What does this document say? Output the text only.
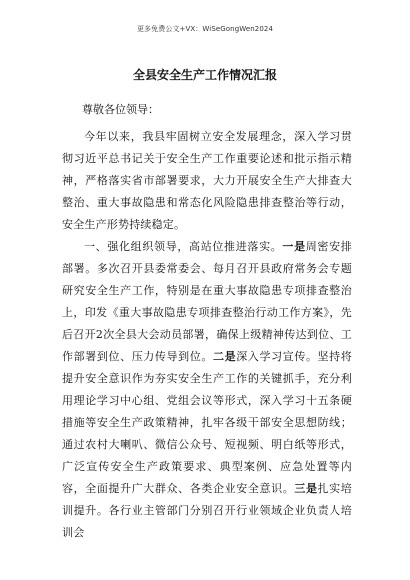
更多免费公文+VX：WiSeGongWen2024
全县安全生产工作情况汇报
尊敬各位领导：

今年以来，我县牢固树立安全发展理念，深入学习贯彻习近平总书记关于安全生产工作重要论述和批示指示精神，严格落实省市部署要求，大力开展安全生产大排查大整治、重大事故隐患和常态化风险隐患排查整治等行动，安全生产形势持续稳定。

一、强化组织领导，高站位推进落实。一是周密安排部署。多次召开县委常委会、每月召开县政府常务会专题研究安全生产工作，特别是在重大事故隐患专项排查整治上，印发《重大事故隐患专项排查整治行动工作方案》，先后召开2次全县大会动员部署，确保上级精神传达到位、工作部署到位、压力传导到位。二是深入学习宣传。坚持将提升安全意识作为夯实安全生产工作的关键抓手，充分利用理论学习中心组、党组会议等形式，深入学习十五条硬措施等安全生产政策精神，扎牢各级干部安全思想防线；通过农村大喇叭、微信公众号、短视频、明白纸等形式，广泛宣传安全生产政策要求、典型案例、应急处置等内容，全面提升广大群众、各类企业安全意识。三是扎实培训提升。各行业主管部门分别召开行业领域企业负责人培训会
